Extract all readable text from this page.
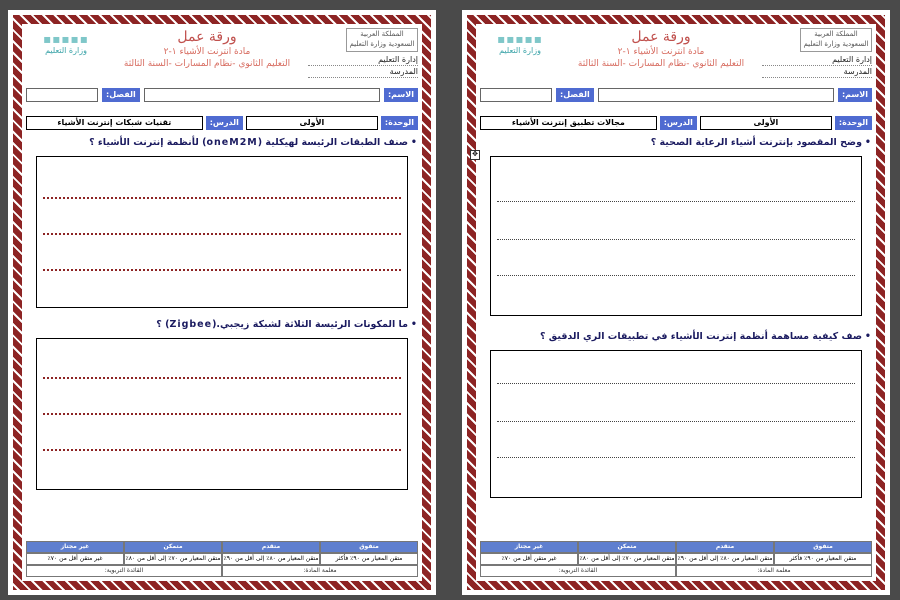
المملكة العربية السعودية وزارة التعليم
إدارة التعليم
المدرسة
ورقة عمل
مادة انترنت الأشياء ١-٢
التعليم الثانوي -نظام المسارات -السنة الثالثة
▪▪▪▪▪
وزارة التعليم
الاسم:
الفصل:
الوحدة:
الأولى
الدرس:
تقنيات شبكات إنترنت الأشياء
•
صنف الطبقات الرئيسة لهيكلية (oneM2M) لأنظمة إنترنت الأشياء ؟
•
ما المكونات الرئيسة الثلاثة لشبكة زيجبي.(Zigbee) ؟
متفوق
متقدم
متمكن
غير مجتاز
متقن المعيار من ٩٠٪ فأكثر
متقن المعيار من ٨٠٪ إلى أقل من ٩٠٪
متقن المعيار من ٧٠٪ إلى أقل من ٨٠٪
غير متقن أقل من ٧٠٪
معلمة المادة:
القائدة التربوية:
✥
المملكة العربية السعودية وزارة التعليم
إدارة التعليم
المدرسة
ورقة عمل
مادة انترنت الأشياء ١-٢
التعليم الثانوي -نظام المسارات -السنة الثالثة
▪▪▪▪▪
وزارة التعليم
الاسم:
الفصل:
الوحدة:
الأولى
الدرس:
مجالات تطبيق إنترنت الأشياء
•
وضح المقصود بإنترنت أشياء الرعاية الصحية ؟
•
صف كيفية مساهمة أنظمة إنترنت الأشياء في تطبيقات الري الدقيق ؟
متفوق
متقدم
متمكن
غير مجتاز
متقن المعيار من ٩٠٪ فأكثر
متقن المعيار من ٨٠٪ إلى أقل من ٩٠٪
متقن المعيار من ٧٠٪ إلى أقل من ٨٠٪
غير متقن أقل من ٧٠٪
معلمة المادة:
القائدة التربوية:
